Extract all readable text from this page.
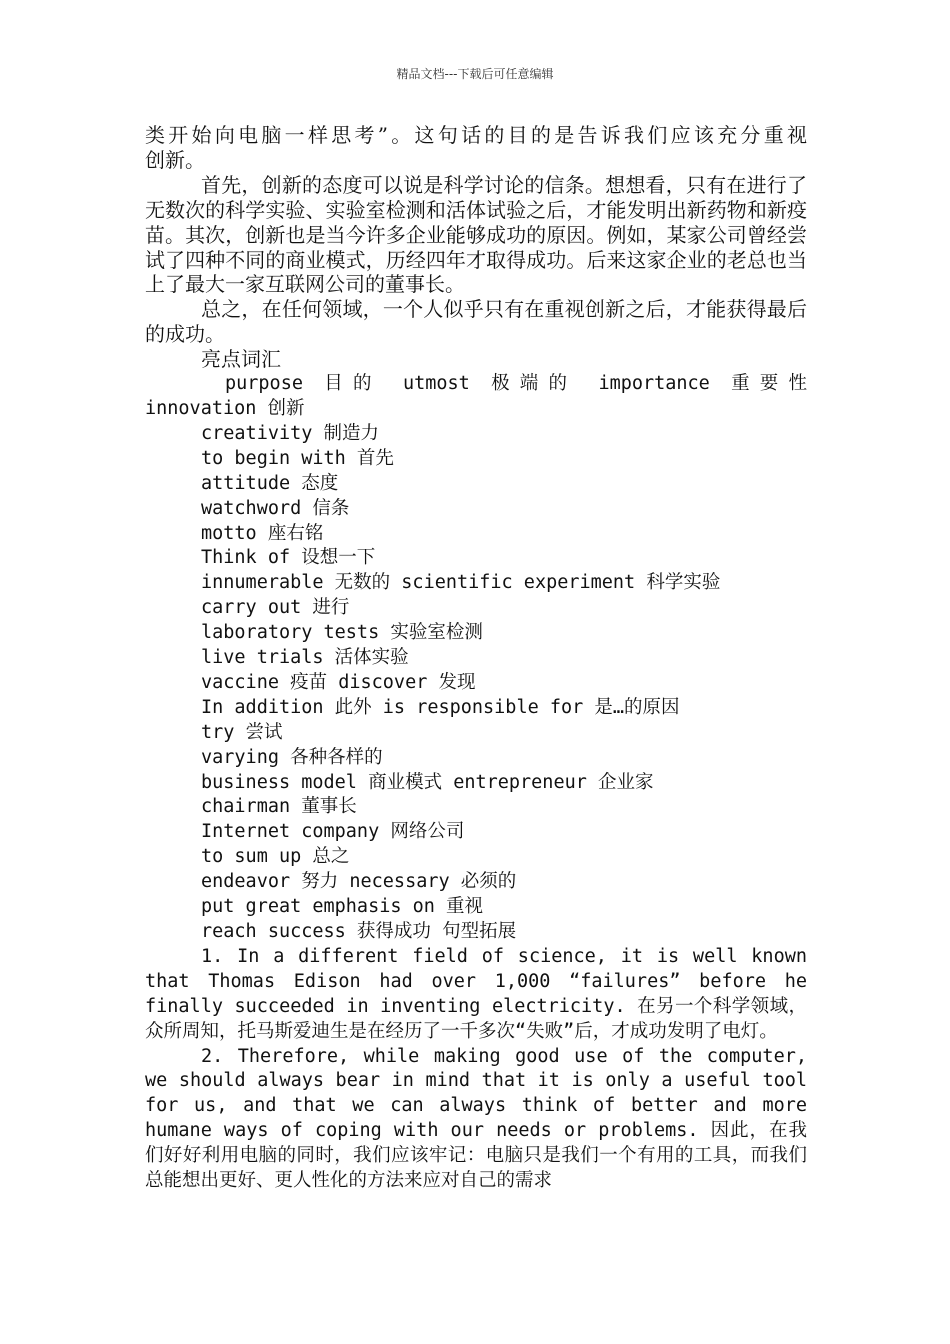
精品文档---下载后可任意编辑

类开始向电脑一样思考”。这句话的目的是告诉我们应该充分重视

创新。

首先，创新的态度可以说是科学讨论的信条。想想看，只有在进行了无数次的科学实验、实验室检测和活体试验之后，才能发明出新药物和新疫苗。其次，创新也是当今许多企业能够成功的原因。例如，某家公司曾经尝试了四种不同的商业模式，历经四年才取得成功。后来这家企业的老总也当上了最大一家互联网公司的董事长。

总之，在任何领域，一个人似乎只有在重视创新之后，才能获得最后的成功。

亮点词汇

purpose 目的 utmost 极端的 importance 重要性

innovation 创新

creativity 制造力
to begin with 首先
attitude 态度
watchword 信条
motto 座右铭
Think of 设想一下
innumerable 无数的 scientific experiment 科学实验
carry out 进行
laboratory tests 实验室检测
live trials 活体实验
vaccine 疫苗 discover 发现
In addition 此外 is responsible for 是…的原因
try 尝试
varying 各种各样的
business model 商业模式 entrepreneur 企业家
chairman 董事长
Internet company 网络公司
to sum up 总之
endeavor 努力 necessary 必须的
put great emphasis on 重视
reach success 获得成功 句型拓展

1. In a different field of science, it is well known that Thomas Edison had over 1,000 “failures” before he finally succeeded in inventing electricity. 在另一个科学领域，众所周知，托马斯爱迪生是在经历了一千多次“失败”后，才成功发明了电灯。

2. Therefore, while making good use of the computer, we should always bear in mind that it is only a useful tool for us, and that we can always think of better and more humane ways of coping with our needs or problems. 因此，在我们好好利用电脑的同时，我们应该牢记：电脑只是我们一个有用的工具，而我们总能想出更好、更人性化的方法来应对自己的需求
